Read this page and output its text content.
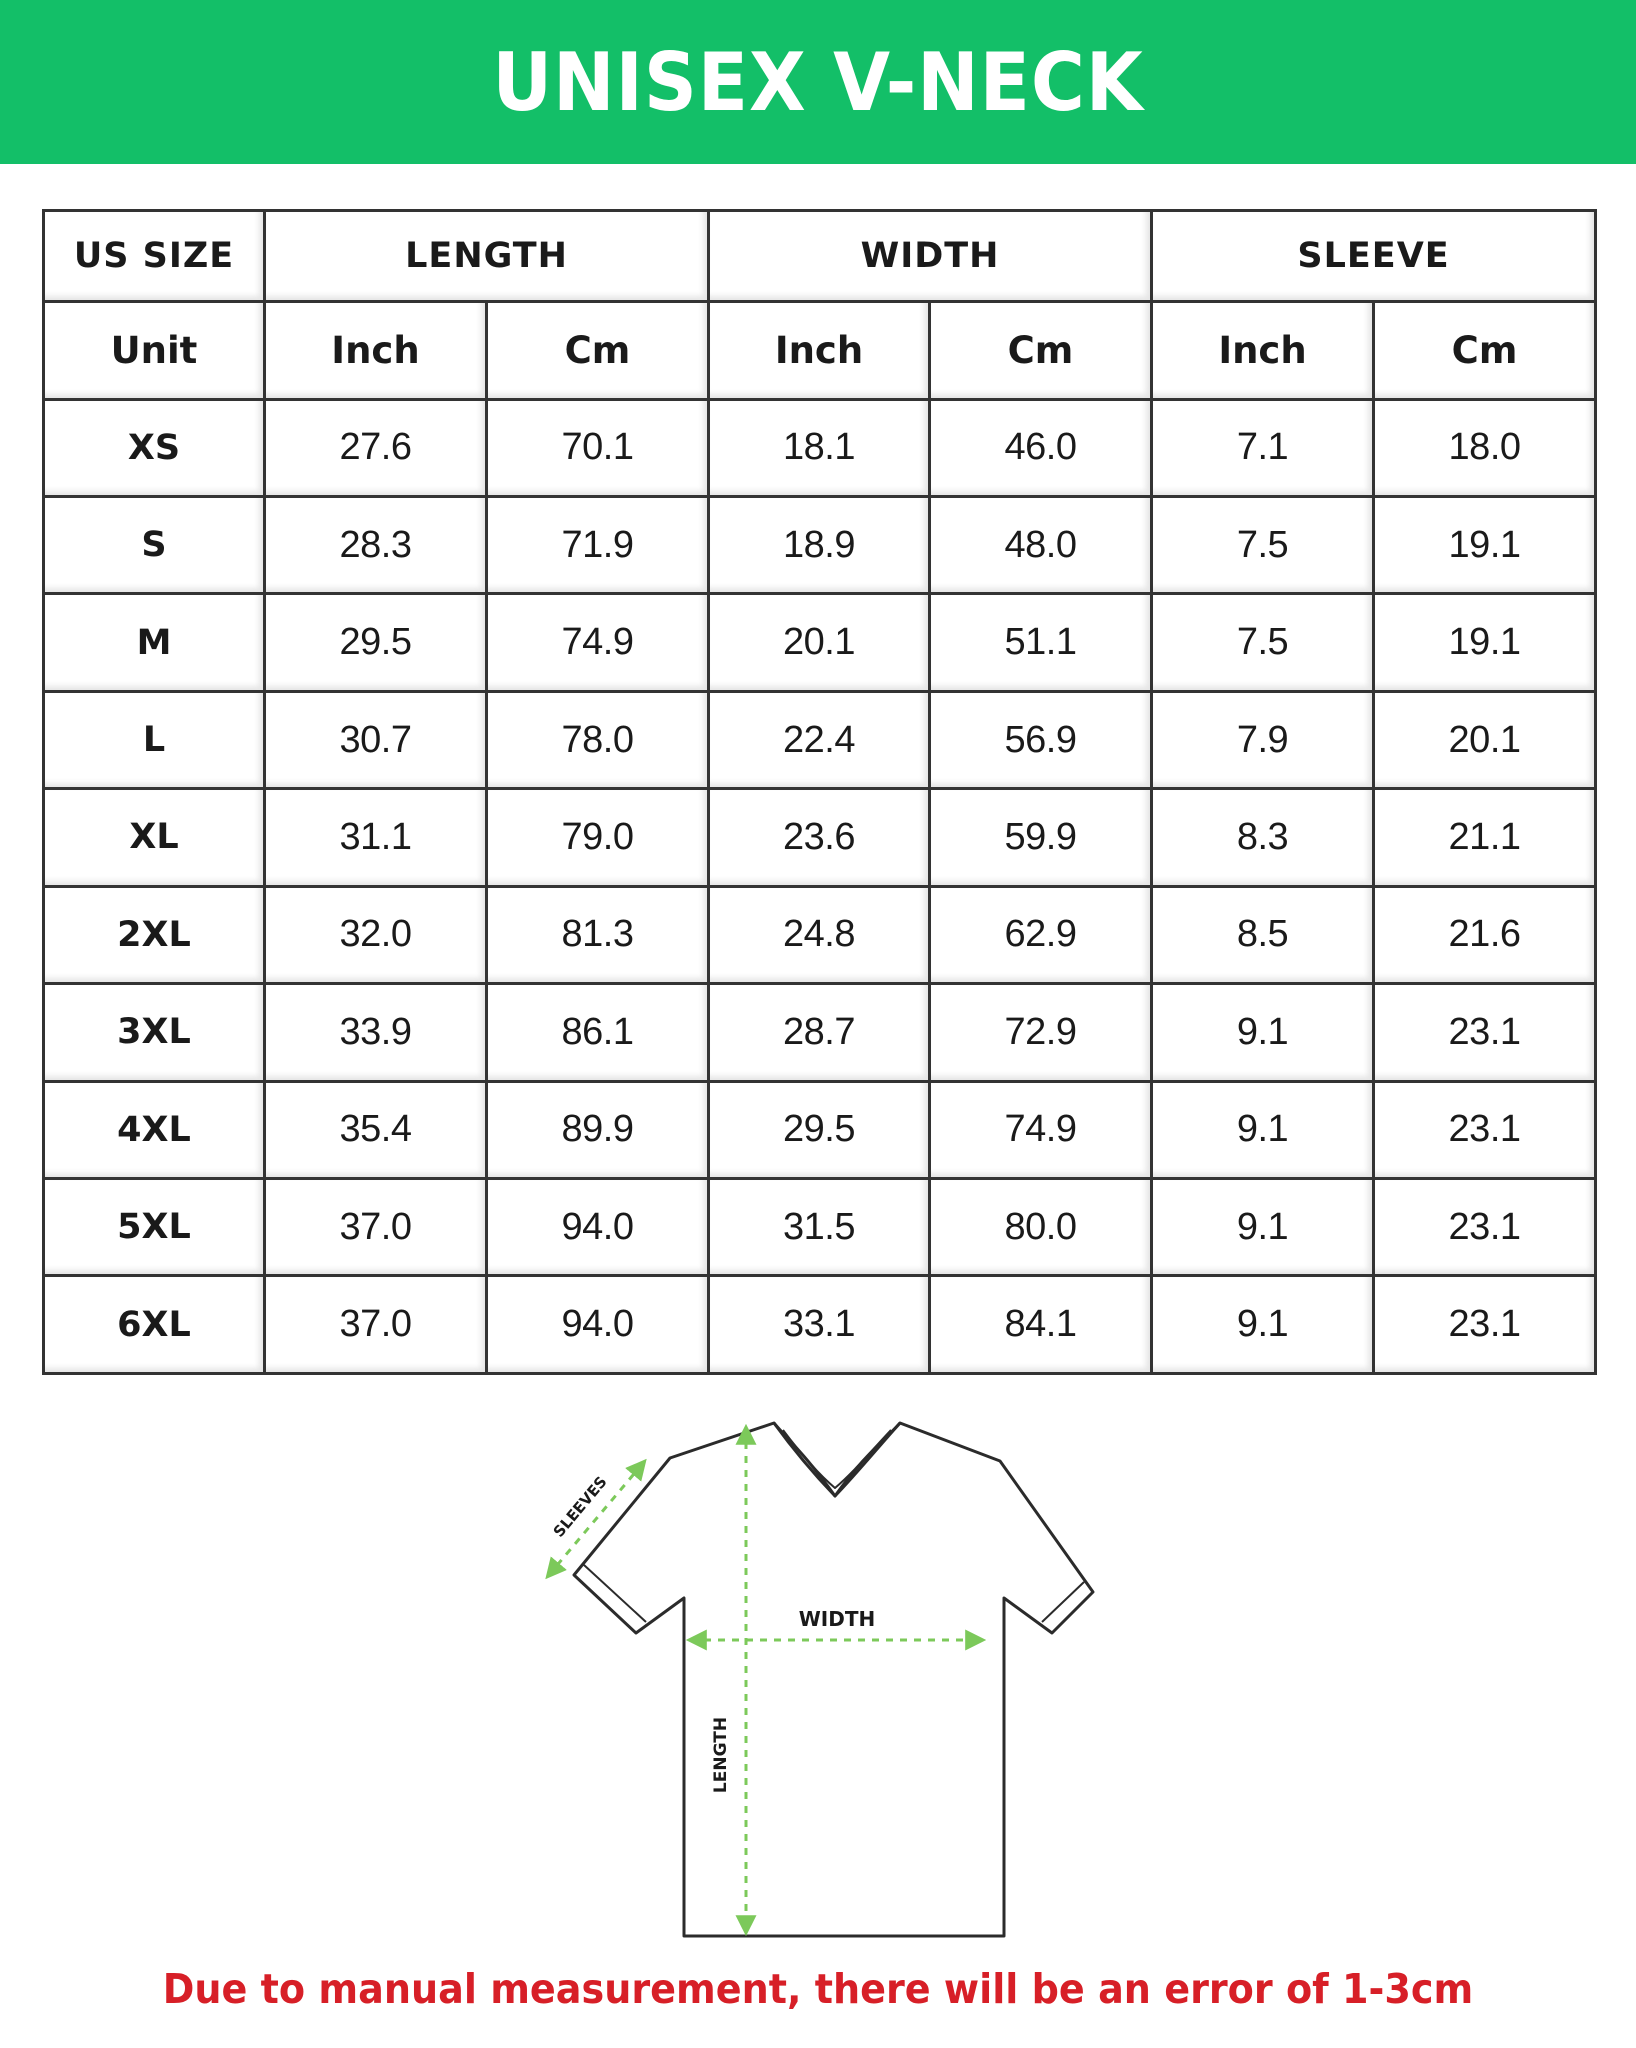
UNISEX V-NECK
US SIZE	LENGTH		WIDTH		SLEEVE	
Unit	Inch	Cm	Inch	Cm	Inch	Cm
XS	27.6	70.1	18.1	46.0	7.1	18.0
S	28.3	71.9	18.9	48.0	7.5	19.1
M	29.5	74.9	20.1	51.1	7.5	19.1
L	30.7	78.0	22.4	56.9	7.9	20.1
XL	31.1	79.0	23.6	59.9	8.3	21.1
2XL	32.0	81.3	24.8	62.9	8.5	21.6
3XL	33.9	86.1	28.7	72.9	9.1	23.1
4XL	35.4	89.9	29.5	74.9	9.1	23.1
5XL	37.0	94.0	31.5	80.0	9.1	23.1
6XL	37.0	94.0	33.1	84.1	9.1	23.1
WIDTH
LENGTH
SLEEVES
Due to manual measurement, there will be an error of 1-3cm
